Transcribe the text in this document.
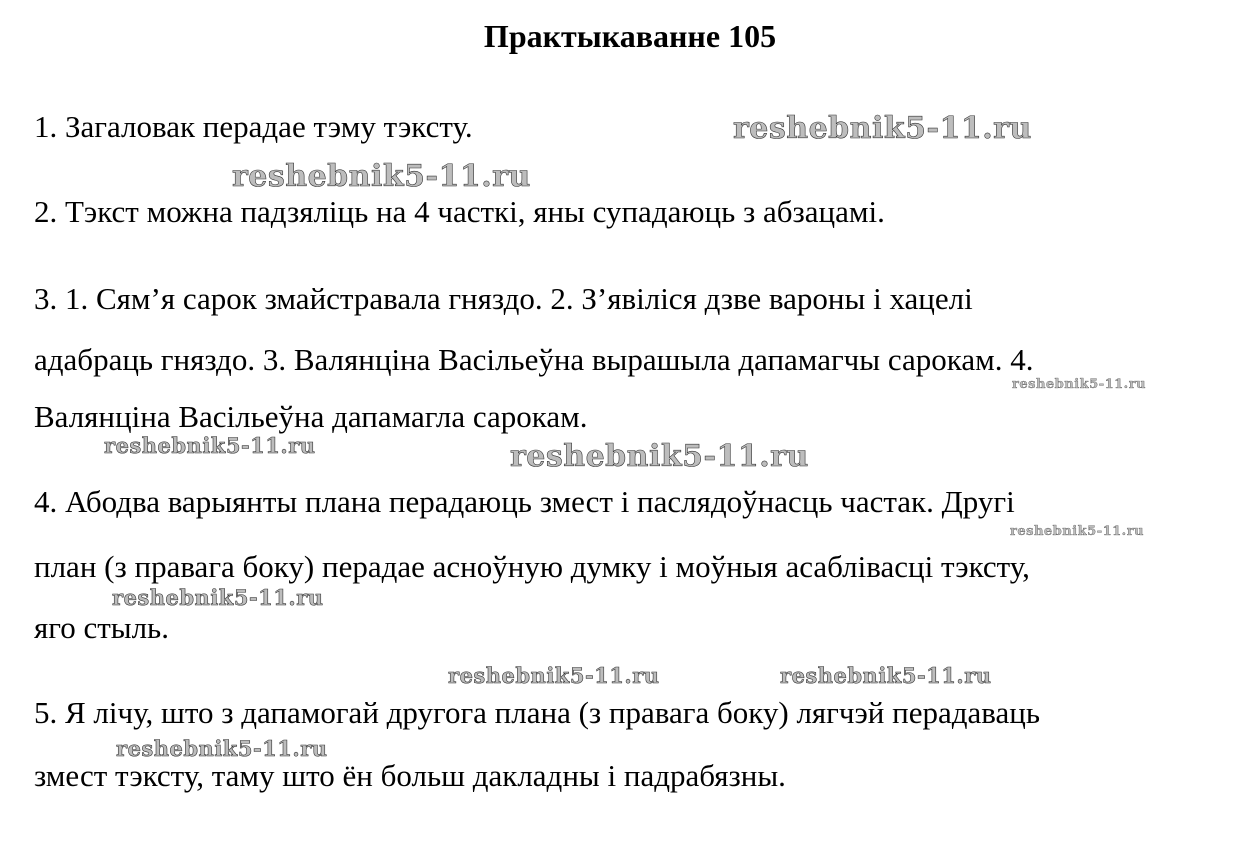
Практыкаванне 105
1. Загаловак перадае тэму тэксту.
2. Тэкст можна падзяліць на 4 часткі, яны супадаюць з абзацамі.
3. 1. Сям’я сарок змайстравала гняздо. 2. З’явіліся дзве вароны і хацелі
адабраць гняздо. 3. Валянціна Васільеўна вырашыла дапамагчы сарокам. 4.
Валянціна Васільеўна дапамагла сарокам.
4. Абодва варыянты плана перадаюць змест і паслядоўнасць частак. Другі
план (з правага боку) перадае асноўную думку і моўныя асаблівасці тэксту,
яго стыль.
5. Я лічу, што з дапамогай другога плана (з правага боку) лягчэй перадаваць
змест тэксту, таму што ён больш дакладны і падрабязны.
reshebnik5-11.ru
reshebnik5-11.ru
reshebnik5-11.ru
reshebnik5-11.ru	reshebnik5-11.ru
reshebnik5-11.ru
reshebnik5-11.ru
reshebnik5-11.ru	reshebnik5-11.ru
reshebnik5-11.ru
